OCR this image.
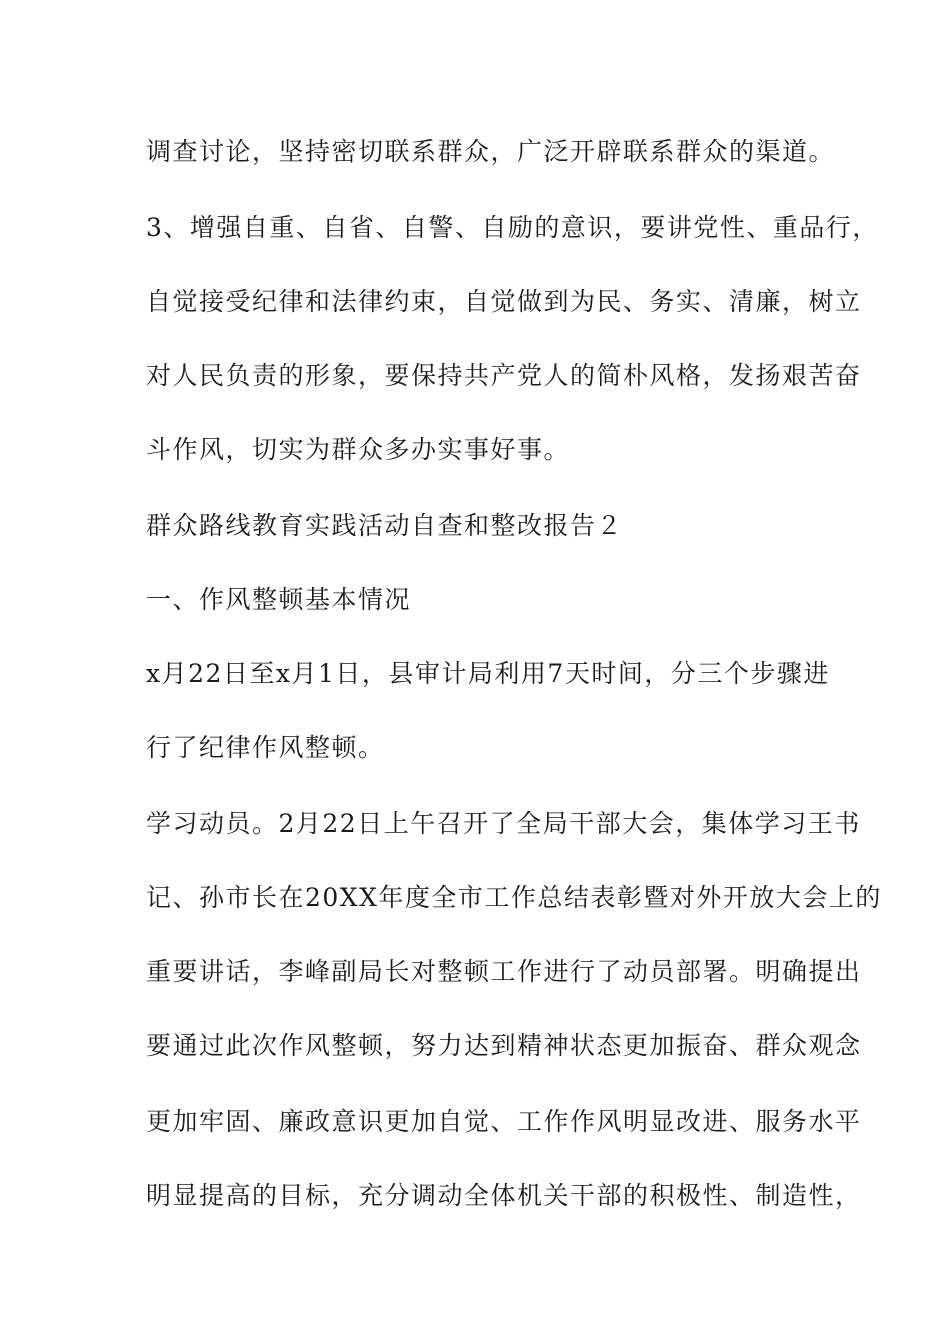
调查讨论，坚持密切联系群众，广泛开辟联系群众的渠道。
3、增强自重、自省、自警、自励的意识，要讲党性、重品行，
自觉接受纪律和法律约束，自觉做到为民、务实、清廉，树立
对人民负责的形象，要保持共产党人的简朴风格，发扬艰苦奋
斗作风，切实为群众多办实事好事。
群众路线教育实践活动自查和整改报告２
一、作风整顿基本情况
x月22日至x月1日，县审计局利用7天时间，分三个步骤进
行了纪律作风整顿。
学习动员。2月22日上午召开了全局干部大会，集体学习王书
记、孙市长在20XX年度全市工作总结表彰暨对外开放大会上的
重要讲话，李峰副局长对整顿工作进行了动员部署。明确提出
要通过此次作风整顿，努力达到精神状态更加振奋、群众观念
更加牢固、廉政意识更加自觉、工作作风明显改进、服务水平
明显提高的目标，充分调动全体机关干部的积极性、制造性，
